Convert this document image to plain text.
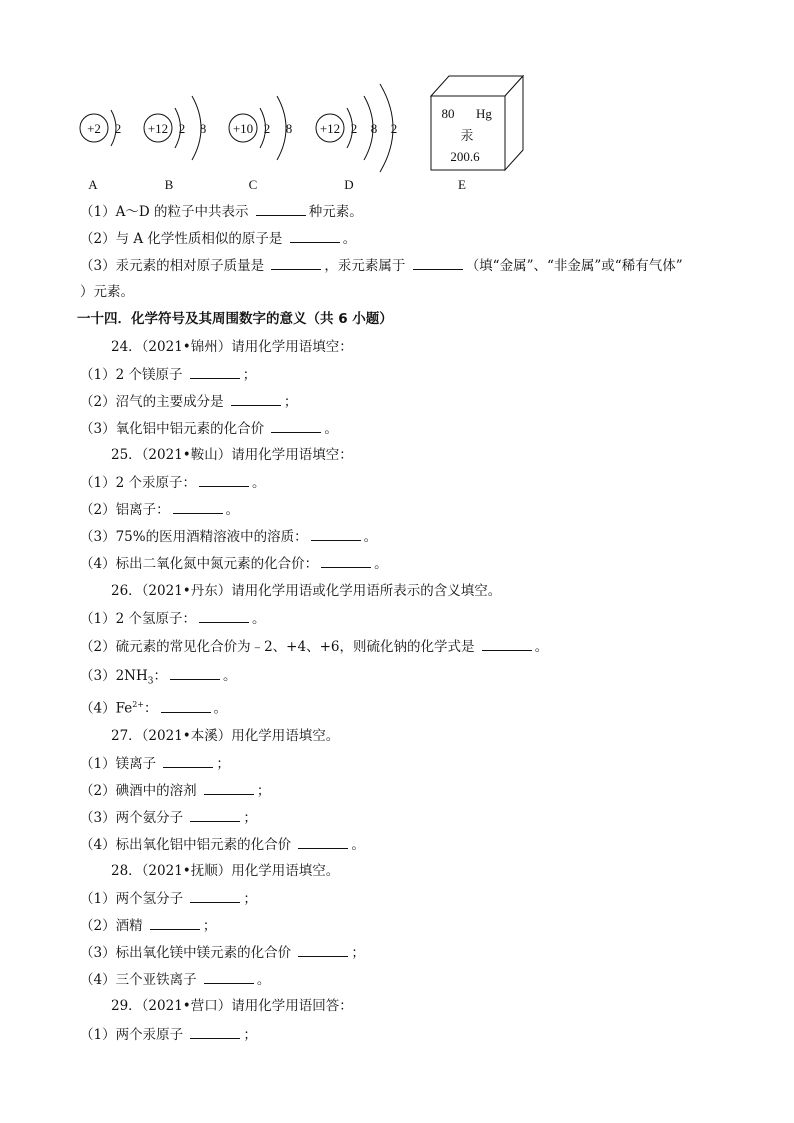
+2 2
A
+12 2 8
B
+10 2 8
C
+12 2 8 2
D
80 Hg
汞
200.6
E
（1）A～D 的粒子中共表示	种元素。
（2）与 A 化学性质相似的原子是	。
（3）汞元素的相对原子质量是	，汞元素属于	（填“金属”、“非金属”或“稀有气体”
）元素。
一十四．化学符号及其周围数字的意义（共 6 小题）
24．（2021•锦州）请用化学用语填空：
（1）2 个镁原子	；
（2）沼气的主要成分是	；
（3）氧化铝中铝元素的化合价	。
25．（2021•鞍山）请用化学用语填空：
（1）2 个汞原子：	。
（2）铝离子：	。
（3）75%的医用酒精溶液中的溶质：	。
（4）标出二氧化氮中氮元素的化合价：	。
26．（2021•丹东）请用化学用语或化学用语所表示的含义填空。
（1）2 个氢原子：	。
（2）硫元素的常见化合价为﹣2、+4、+6，则硫化钠的化学式是	。
$(3)2NH_3$：	。
$(4)Fe^{2+}$：	。
27．（2021•本溪）用化学用语填空。
（1）镁离子	；
（2）碘酒中的溶剂	；
（3）两个氨分子	；
（4）标出氧化铝中铝元素的化合价	。
28．（2021•抚顺）用化学用语填空。
（1）两个氢分子	；
（2）酒精	；
（3）标出氧化镁中镁元素的化合价	；
（4）三个亚铁离子	。
29．（2021•营口）请用化学用语回答：
（1）两个汞原子	；
